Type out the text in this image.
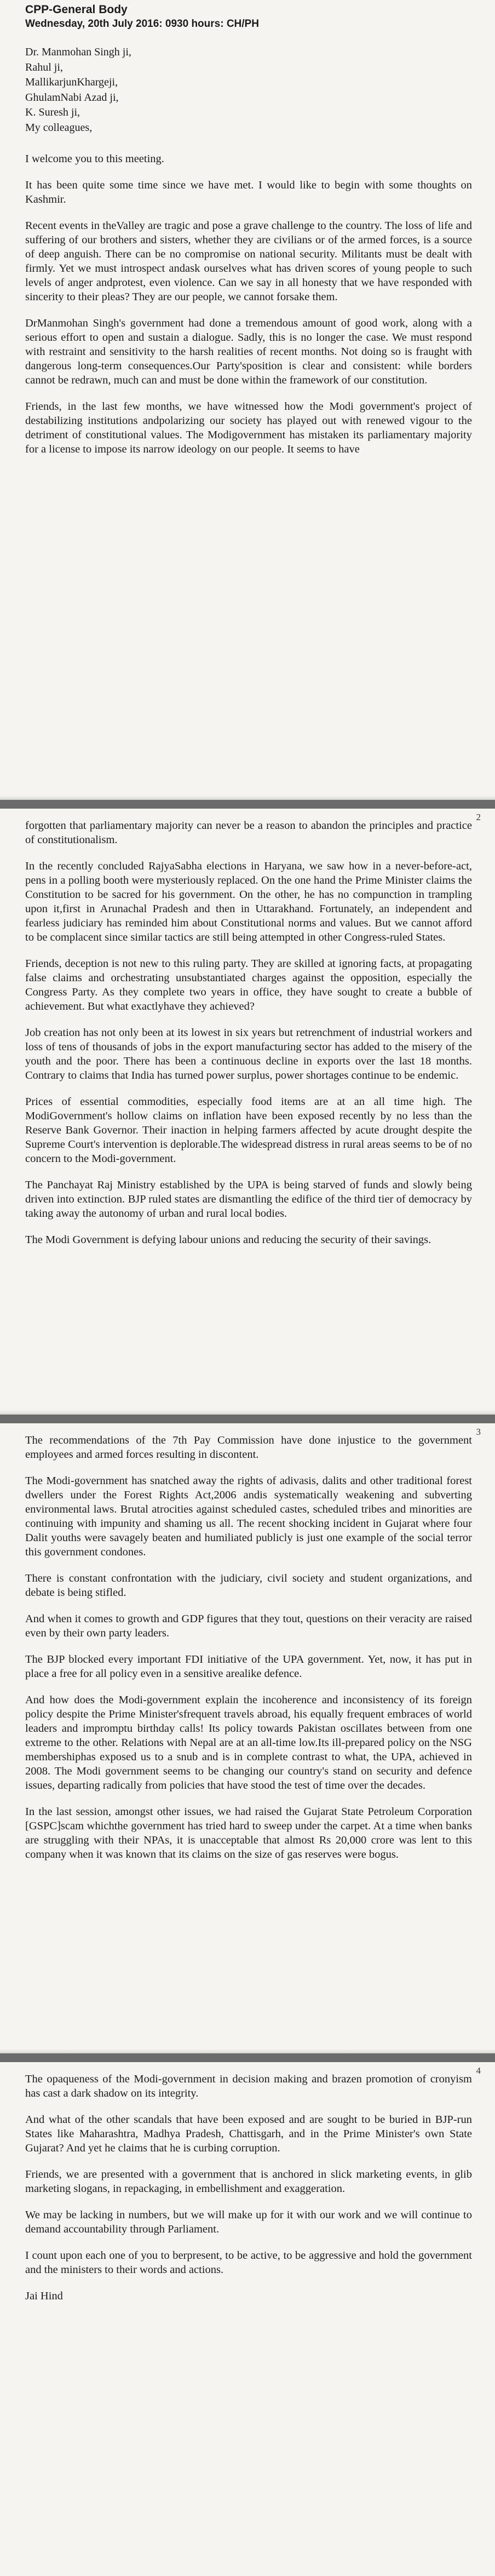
CPP-General Body
Wednesday, 20th July 2016: 0930 hours: CH/PH
Dr. Manmohan Singh ji,
Rahul ji,
MallikarjunKhargeji,
GhulamNabi Azad ji,
K. Suresh ji,
My colleagues,

I welcome you to this meeting.

It has been quite some time since we have met. I would like to begin with some thoughts on Kashmir.

Recent events in theValley are tragic and pose a grave challenge to the country. The loss of life and suffering of our brothers and sisters, whether they are civilians or of the armed forces, is a source of deep anguish. There can be no compromise on national security. Militants must be dealt with firmly. Yet we must introspect andask ourselves what has driven scores of young people to such levels of anger andprotest, even violence. Can we say in all honesty that we have responded with sincerity to their pleas? They are our people, we cannot forsake them.

DrManmohan Singh's government had done a tremendous amount of good work, along with a serious effort to open and sustain a dialogue. Sadly, this is no longer the case. We must respond with restraint and sensitivity to the harsh realities of recent months. Not doing so is fraught with dangerous long-term consequences.Our Party'sposition is clear and consistent: while borders cannot be redrawn, much can and must be done within the framework of our constitution.

Friends, in the last few months, we have witnessed how the Modi government's project of destabilizing institutions andpolarizing our society has played out with renewed vigour to the detriment of constitutional values. The Modigovernment has mistaken its parliamentary majority for a license to impose its narrow ideology on our people. It seems to have

2

forgotten that parliamentary majority can never be a reason to abandon the principles and practice of constitutionalism.

In the recently concluded RajyaSabha elections in Haryana, we saw how in a never-before-act, pens in a polling booth were mysteriously replaced. On the one hand the Prime Minister claims the Constitution to be sacred for his government. On the other, he has no compunction in trampling upon it,first in Arunachal Pradesh and then in Uttarakhand. Fortunately, an independent and fearless judiciary has reminded him about Constitutional norms and values. But we cannot afford to be complacent since similar tactics are still being attempted in other Congress-ruled States.

Friends, deception is not new to this ruling party. They are skilled at ignoring facts, at propagating false claims and orchestrating unsubstantiated charges against the opposition, especially the Congress Party. As they complete two years in office, they have sought to create a bubble of achievement. But what exactlyhave they achieved?

Job creation has not only been at its lowest in six years but retrenchment of industrial workers and loss of tens of thousands of jobs in the export manufacturing sector has added to the misery of the youth and the poor. There has been a continuous decline in exports over the last 18 months. Contrary to claims that India has turned power surplus, power shortages continue to be endemic.

Prices of essential commodities, especially food items are at an all time high. The ModiGovernment's hollow claims on inflation have been exposed recently by no less than the Reserve Bank Governor. Their inaction in helping farmers affected by acute drought despite the Supreme Court's intervention is deplorable.The widespread distress in rural areas seems to be of no concern to the Modi-government.

The Panchayat Raj Ministry established by the UPA is being starved of funds and slowly being driven into extinction. BJP ruled states are dismantling the edifice of the third tier of democracy by taking away the autonomy of urban and rural local bodies.

The Modi Government is defying labour unions and reducing the security of their savings.

3

The recommendations of the 7th Pay Commission have done injustice to the government employees and armed forces resulting in discontent.

The Modi-government has snatched away the rights of adivasis, dalits and other traditional forest dwellers under the Forest Rights Act,2006 andis systematically weakening and subverting environmental laws. Brutal atrocities against scheduled castes, scheduled tribes and minorities are continuing with impunity and shaming us all. The recent shocking incident in Gujarat where four Dalit youths were savagely beaten and humiliated publicly is just one example of the social terror this government condones.

There is constant confrontation with the judiciary, civil society and student organizations, and debate is being stifled.

And when it comes to growth and GDP figures that they tout, questions on their veracity are raised even by their own party leaders.

The BJP blocked every important FDI initiative of the UPA government. Yet, now, it has put in place a free for all policy even in a sensitive arealike defence.

And how does the Modi-government explain the incoherence and inconsistency of its foreign policy despite the Prime Minister'sfrequent travels abroad, his equally frequent embraces of world leaders and impromptu birthday calls! Its policy towards Pakistan oscillates between from one extreme to the other. Relations with Nepal are at an all-time low.Its ill-prepared policy on the NSG membershiphas exposed us to a snub and is in complete contrast to what, the UPA, achieved in 2008. The Modi government seems to be changing our country's stand on security and defence issues, departing radically from policies that have stood the test of time over the decades.

In the last session, amongst other issues, we had raised the Gujarat State Petroleum Corporation [GSPC]scam whichthe government has tried hard to sweep under the carpet. At a time when banks are struggling with their NPAs, it is unacceptable that almost Rs 20,000 crore was lent to this company when it was known that its claims on the size of gas reserves were bogus.

4

The opaqueness of the Modi-government in decision making and brazen promotion of cronyism has cast a dark shadow on its integrity.

And what of the other scandals that have been exposed and are sought to be buried in BJP-run States like Maharashtra, Madhya Pradesh, Chattisgarh, and in the Prime Minister's own State Gujarat? And yet he claims that he is curbing corruption.

Friends, we are presented with a government that is anchored in slick marketing events, in glib marketing slogans, in repackaging, in embellishment and exaggeration.

We may be lacking in numbers, but we will make up for it with our work and we will continue to demand accountability through Parliament.

I count upon each one of you to berpresent, to be active, to be aggressive and hold the government and the ministers to their words and actions.

Jai Hind
